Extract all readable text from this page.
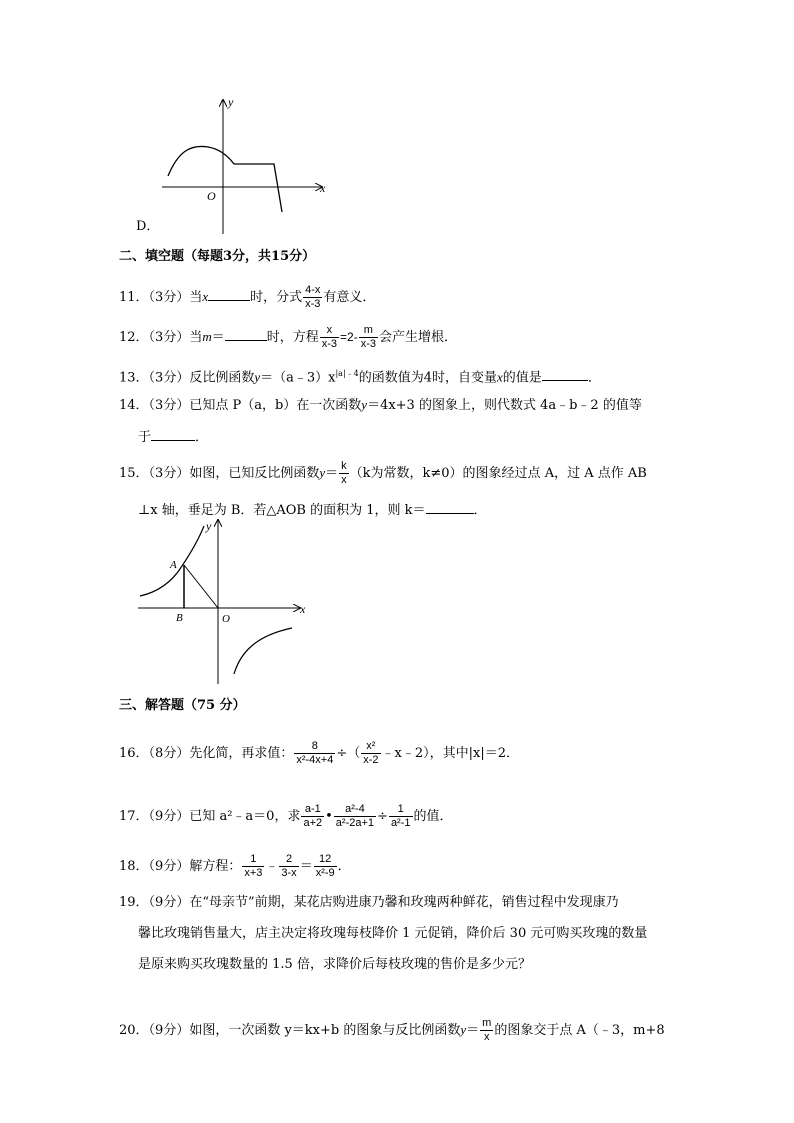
y
x
O
D．
二、填空题（每题3分，共15分）
11．（3分）当x	时，分式 $\frac{4-x}{x-3}$ 有意义．
12．（3分）当m＝	时，方程 $\frac{x}{x-3} =2- \frac{m}{x-3}$ 会产生增根．
13．（3分）反比例函数$y=(a﹣3)x^{|a|﹣4}$的函数值为4时，自变量x的值是	．
14．（3分）已知点 P（a，b）在一次函数y＝4x+3 的图象上，则代数式 4a﹣b﹣2 的值等
于	．
15．（3分）如图，已知反比例函数$y= \frac{k}{x} (k$为常数，k≠0）的图象经过点 A，过 A 点作 AB
⊥x 轴，垂足为 B．若△AOB 的面积为 1，则 k＝	．
y
x
A
B	O
三、解答题（75 分）
16．（8分）先化简，再求值： $\frac{8}{\text{x²-4x+4}}$ ÷（ $\frac{\text{x²}}{x-2}$ ﹣x﹣2），其中|x|＝2．
17．（9分）已知 a²﹣a＝0，求 $\frac{a-1}{a+2}$ • $\frac{\text{a²-4}}{\text{a²-2a+1}} \div \frac{1}{\text{a²-1}}$ 的值．
18．（9分）解方程： $\frac{1}{x+3}$ ﹣ $\frac{2}{3-x} = \frac{12}{\text{x²-9}}$ ．
19．（9分）在“母亲节”前期，某花店购进康乃馨和玫瑰两种鲜花，销售过程中发现康乃
馨比玫瑰销售量大，店主决定将玫瑰每枝降价 1 元促销，降价后 30 元可购买玫瑰的数量
是原来购买玫瑰数量的 1.5 倍，求降价后每枝玫瑰的售价是多少元？
20．（9分）如图，一次函数 y＝kx+b 的图象与反比例函数$y= \frac{m}{x}$ 的图象交于点 A（﹣3，m+8
